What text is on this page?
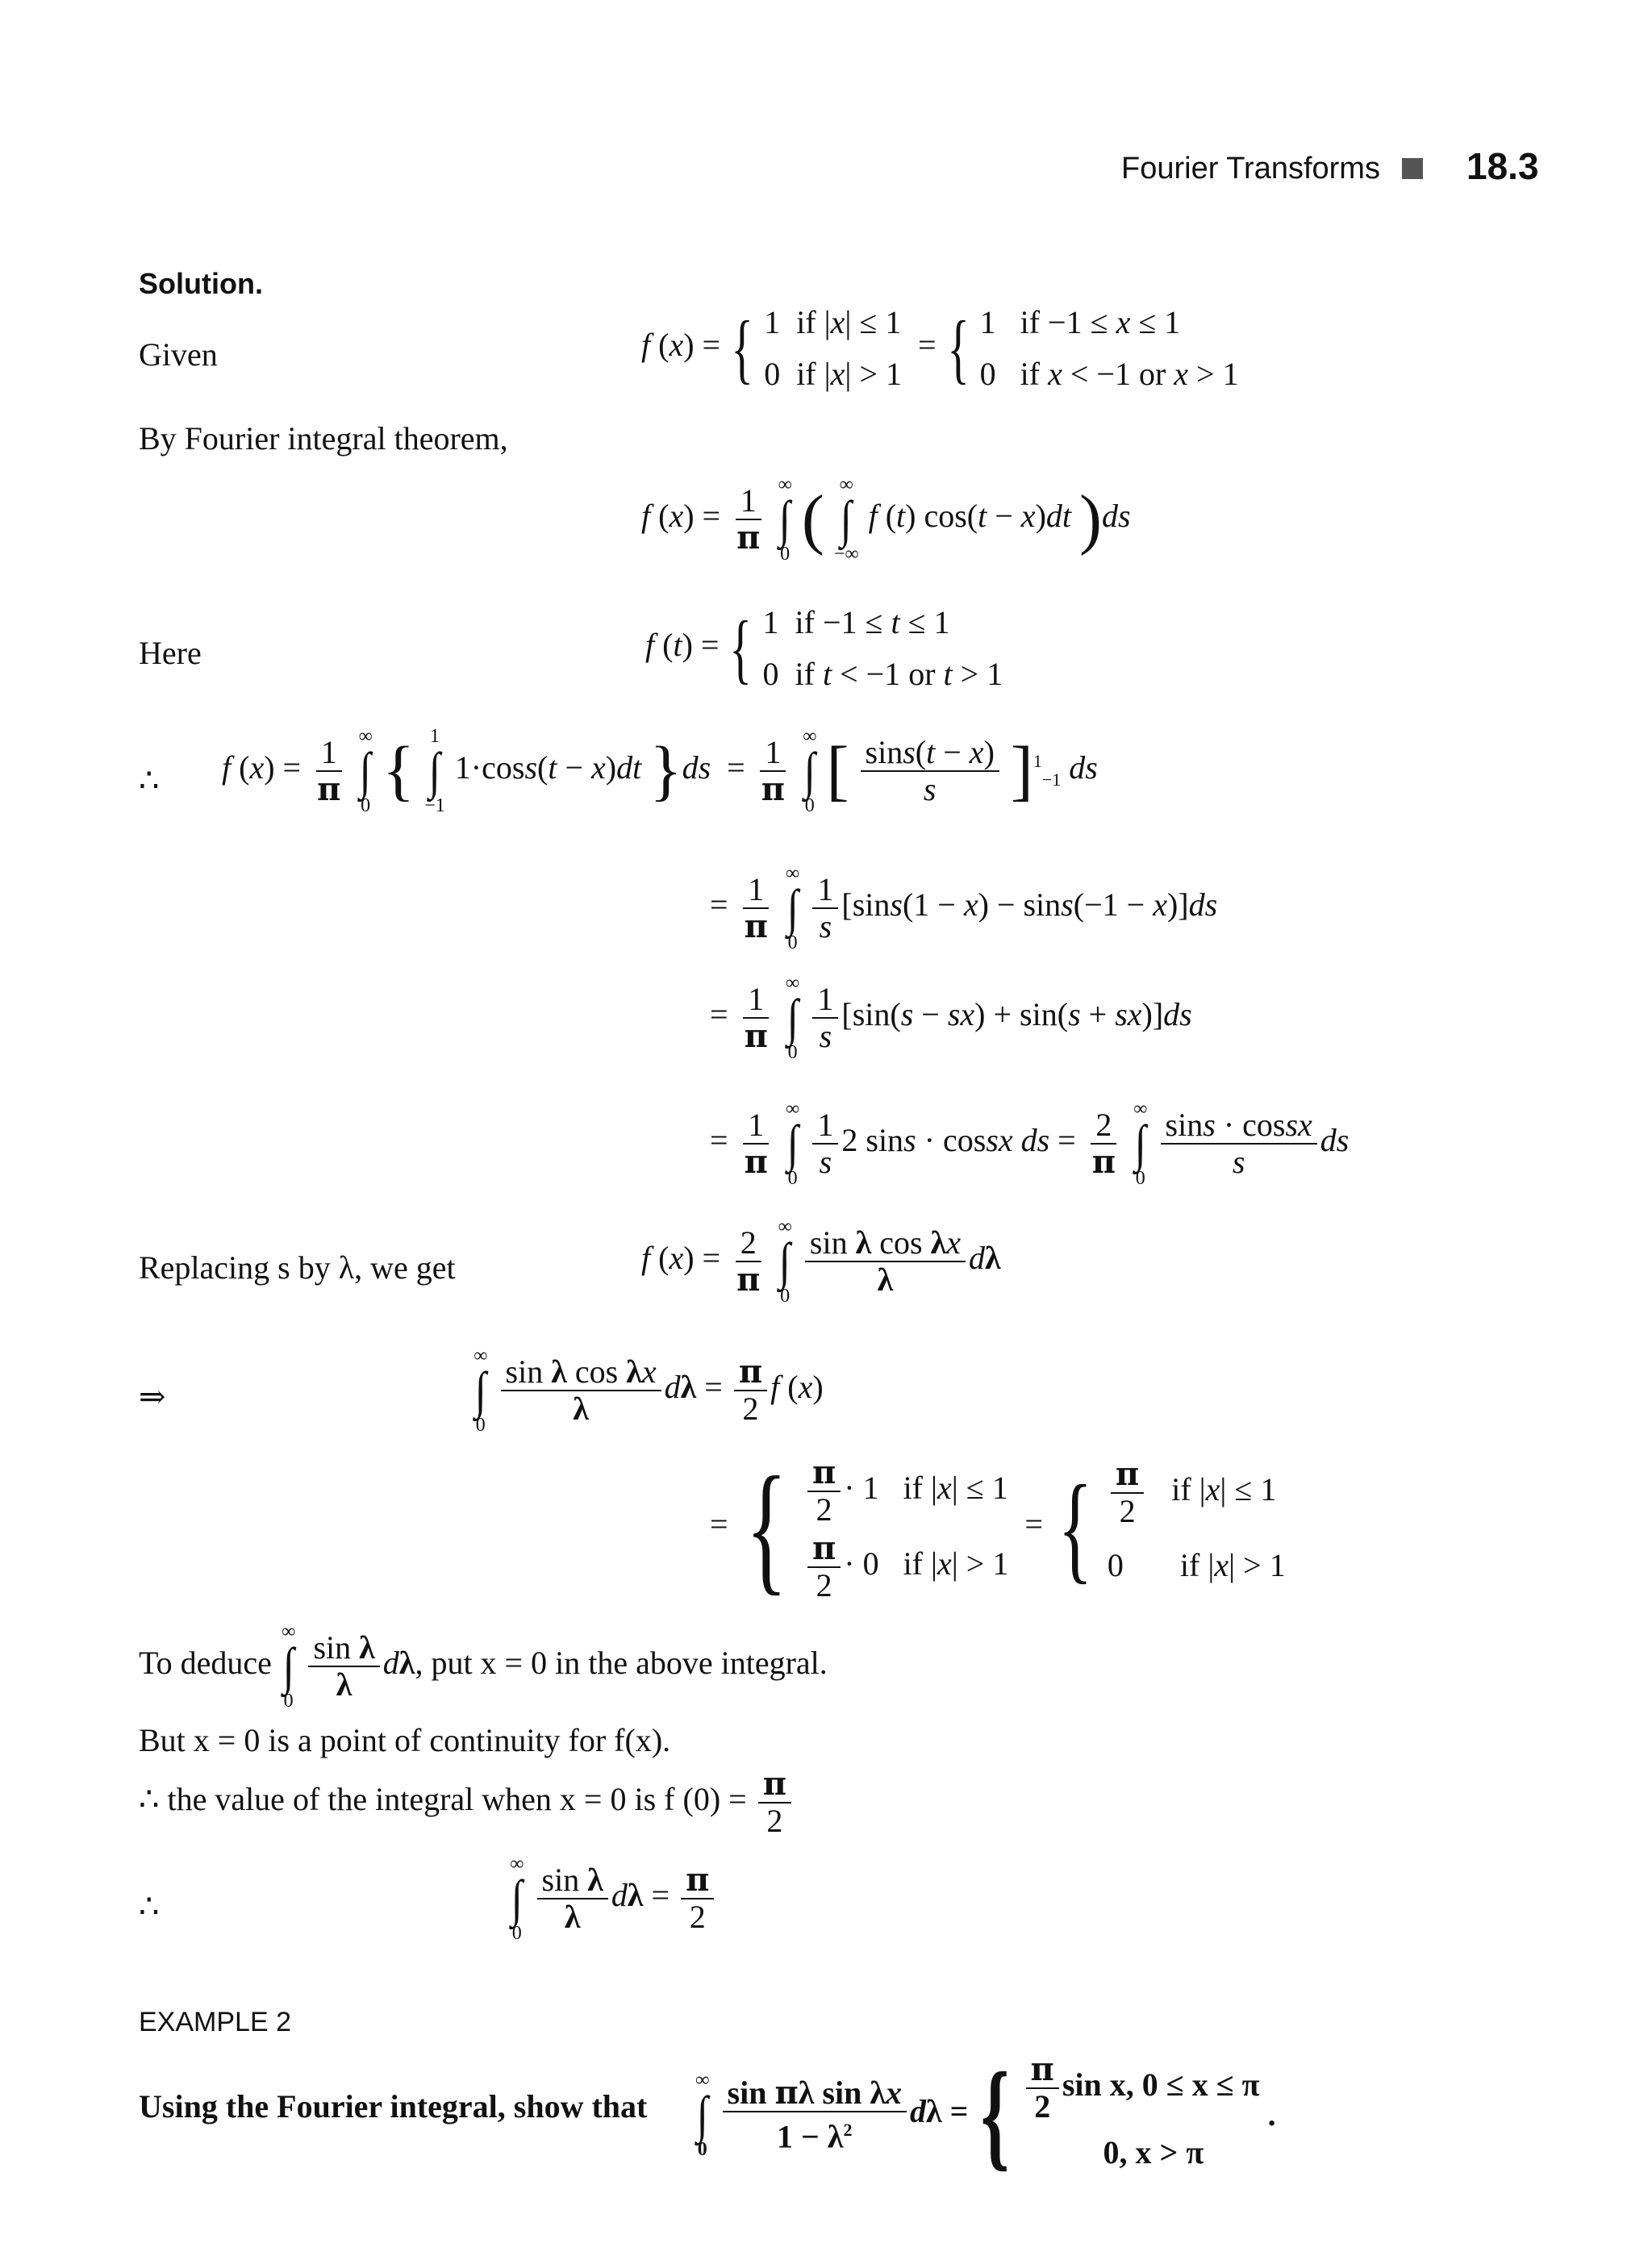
Fourier Transforms 18.3
Solution.
Given	f (x) = { 1  if |x| ≤ 1
0  if |x| > 1
= { 1   if −1 ≤ x ≤ 1
0   if x < −1 or x > 1
By Fourier integral theorem,
f $(x) = \frac{1}{\pi}$
∞
∫
0 ( ∞
∫
−∞
f (t) cos(t − x)dt )ds
Here	f (t) = { 1  if −1 ≤ t ≤ 1
0  if t < −1 or t > 1
∴ f $(x) = \frac{1}{\pi}$
∞
∫
0 { 1
∫
−1
1·coss(t − x)dt }$ds = \frac{1}{\pi}$
∞
∫
0 [ $\frac{\sin s(t - x)}{s} ]^1_{-1}$ ds
= $\frac{1}{\pi}$
∞
∫
0
$\frac{1}{s} [\sin s(1 - x) - \sin s(-1 - x)]ds$
= $\frac{1}{\pi}$
∞
∫
0
$\frac{1}{s} [\sin(s - sx) + \sin(s + sx)]ds$
= $\frac{1}{\pi}$
∞
∫
0
$\frac{1}{s} 2$ sins · cossx ds = $\frac{2}{\pi}$
∞
∫
0
$\frac{\text{sins · cossx}}{s}$ ds
Replacing s by λ, we get	f $(x) = \frac{2}{\pi}$
∞
∫
0
$\frac{\text{sin λ cos λx}}{\lambda}$ dλ
⇒
∞
∫
0
$\frac{\text{sin λ cos λx}}{\lambda}$ $d\lambda = \frac{\pi}{2}$ f (x)
= { $\frac{\pi}{2} \cdot 1$   if |x| ≤ 1
$\frac{\pi}{2} \cdot 0$   if |x| > 1
= { $\frac{\pi}{2}$ if |x| ≤ 1
0       if |x| > 1
To deduce
∞
∫
0
$\frac{\text{sin λ}}{\lambda} d\lambda$, put x = 0 in the above integral.
But x = 0 is a point of continuity for f(x).
∴ the value of the integral when x = 0 is f $(0) = \frac{\pi}{2}$
∴
∞
∫
0
$\frac{\text{sin λ}}{\lambda}$ $d\lambda = \frac{\pi}{2}$
EXAMPLE 2
Using the Fourier integral, show that
∞
∫
0
$\frac{\text{sin πλ sin λx}}{1 - \lambda^2}$ dλ = { $\frac{\pi}{2}$ sin x, 0 ≤ x ≤ π
0, x > π
.
